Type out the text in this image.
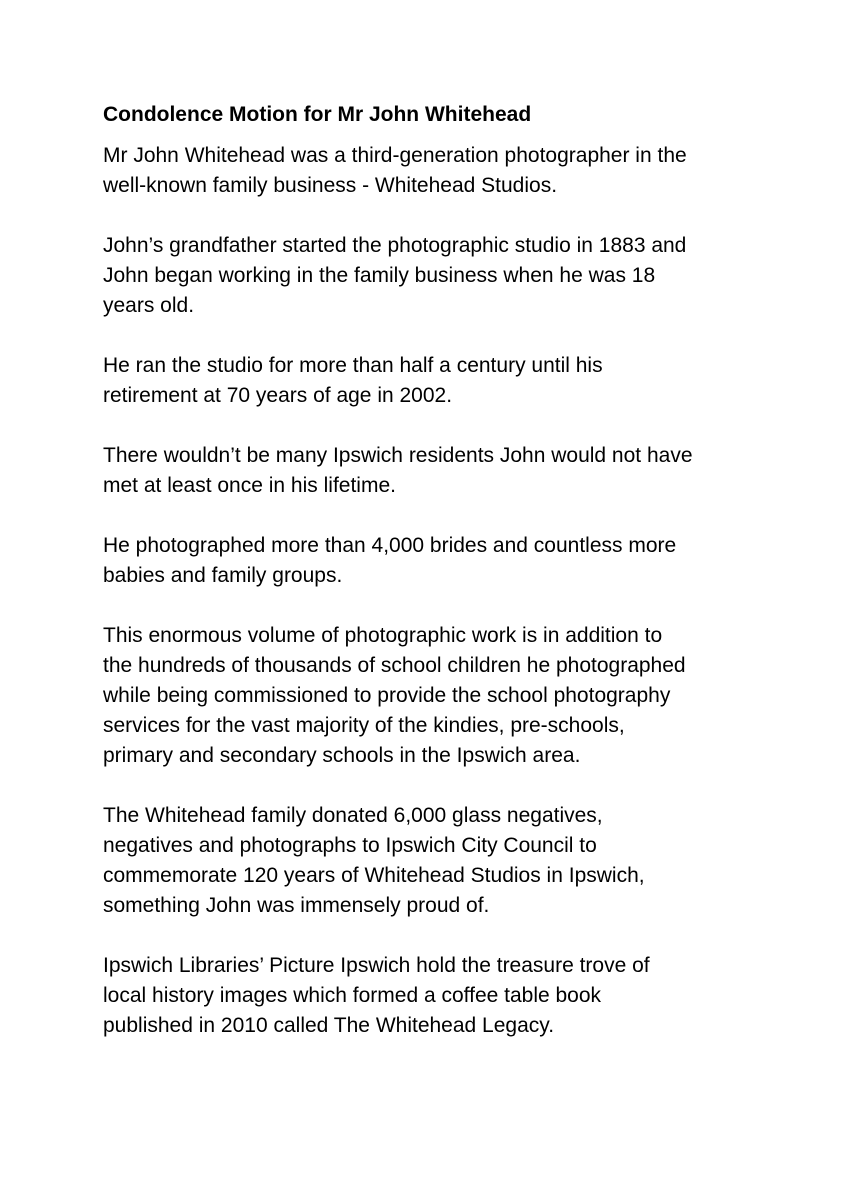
Condolence Motion for Mr John Whitehead

Mr John Whitehead was a third-generation photographer in the
well-known family business - Whitehead Studios.

John’s grandfather started the photographic studio in 1883 and
John began working in the family business when he was 18
years old.

He ran the studio for more than half a century until his
retirement at 70 years of age in 2002.

There wouldn’t be many Ipswich residents John would not have
met at least once in his lifetime.

He photographed more than 4,000 brides and countless more
babies and family groups.

This enormous volume of photographic work is in addition to
the hundreds of thousands of school children he photographed
while being commissioned to provide the school photography
services for the vast majority of the kindies, pre-schools,
primary and secondary schools in the Ipswich area.

The Whitehead family donated 6,000 glass negatives,
negatives and photographs to Ipswich City Council to
commemorate 120 years of Whitehead Studios in Ipswich,
something John was immensely proud of.

Ipswich Libraries’ Picture Ipswich hold the treasure trove of
local history images which formed a coffee table book
published in 2010 called The Whitehead Legacy.
